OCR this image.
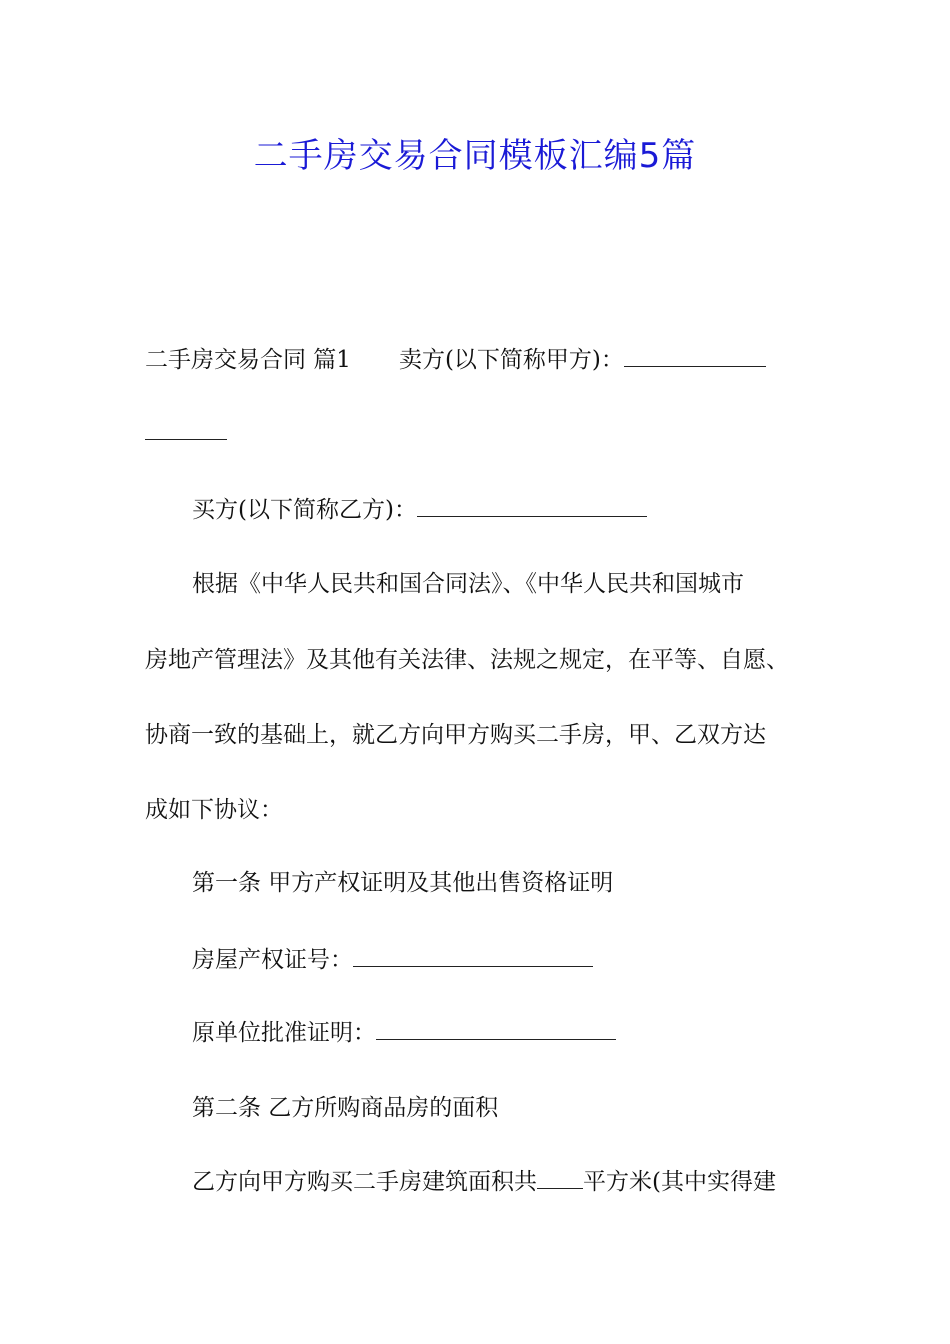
二手房交易合同模板汇编5篇

二手房交易合同 篇1 卖方(以下简称甲方)：

买方(以下简称乙方)：

根据《中华人民共和国合同法》、《中华人民共和国城市

房地产管理法》及其他有关法律、法规之规定，在平等、自愿、

协商一致的基础上，就乙方向甲方购买二手房，甲、乙双方达

成如下协议：

第一条 甲方产权证明及其他出售资格证明

房屋产权证号：

原单位批准证明：

第二条 乙方所购商品房的面积

乙方向甲方购买二手房建筑面积共 平方米(其中实得建
